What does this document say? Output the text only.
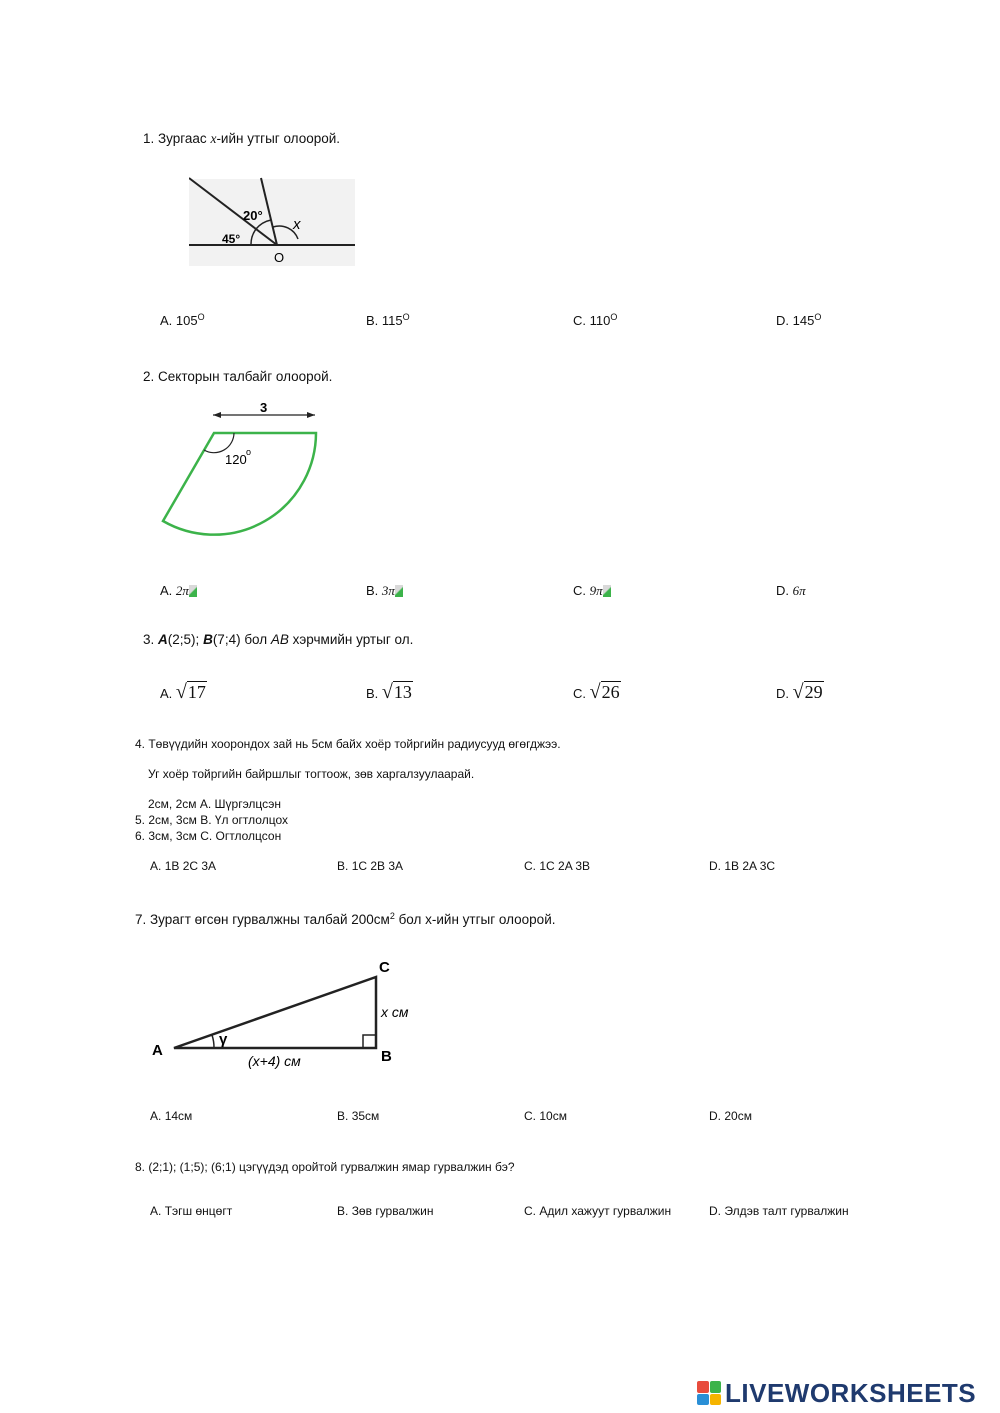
1. Зургаас x-ийн утгыг олоорой.
20°
45°
x
O
A. $105^O$	B. $115^O$	C. $110^O$	D. $145^O$
2. Секторын талбайг олоорой.
3
120 o
A. 2π	B. 3π	C. 9π	D. 6π
3. A(2;5); B(7;4) бол AB хэрчмийн уртыг ол.
A. √17	B. √13	C. √26	D. √29
4. Төвүүдийн хоорондох зай нь 5см байх хоёр тойргийн радиусууд өгөгджээ.
Уг хоёр тойргийн байршлыг тогтоож, зөв харгалзуулаарай.
2см, 2см A. Шүргэлцсэн
5. 2см, 3см B. Үл огтлолцох
6. 3см, 3см C. Огтлолцсон
A. 1B 2C 3A	B. 1C 2B 3A	C. 1C 2A 3B	D. 1B 2A 3C
7. Зурагт өгсөн гурвалжны талбай $200см^2$ бол x-ийн утгыг олоорой.
γ
A	B
C
x см
(x+4) см
A. 14см	B. 35см	C. 10см	D. 20см
8. (2;1); (1;5); (6;1) цэгүүдэд оройтой гурвалжин ямар гурвалжин бэ?
A. Тэгш өнцөгт	B. Зөв гурвалжин	C. Адил хажуут гурвалжин	D. Элдэв талт гурвалжин
LIVEWORKSHEETS
